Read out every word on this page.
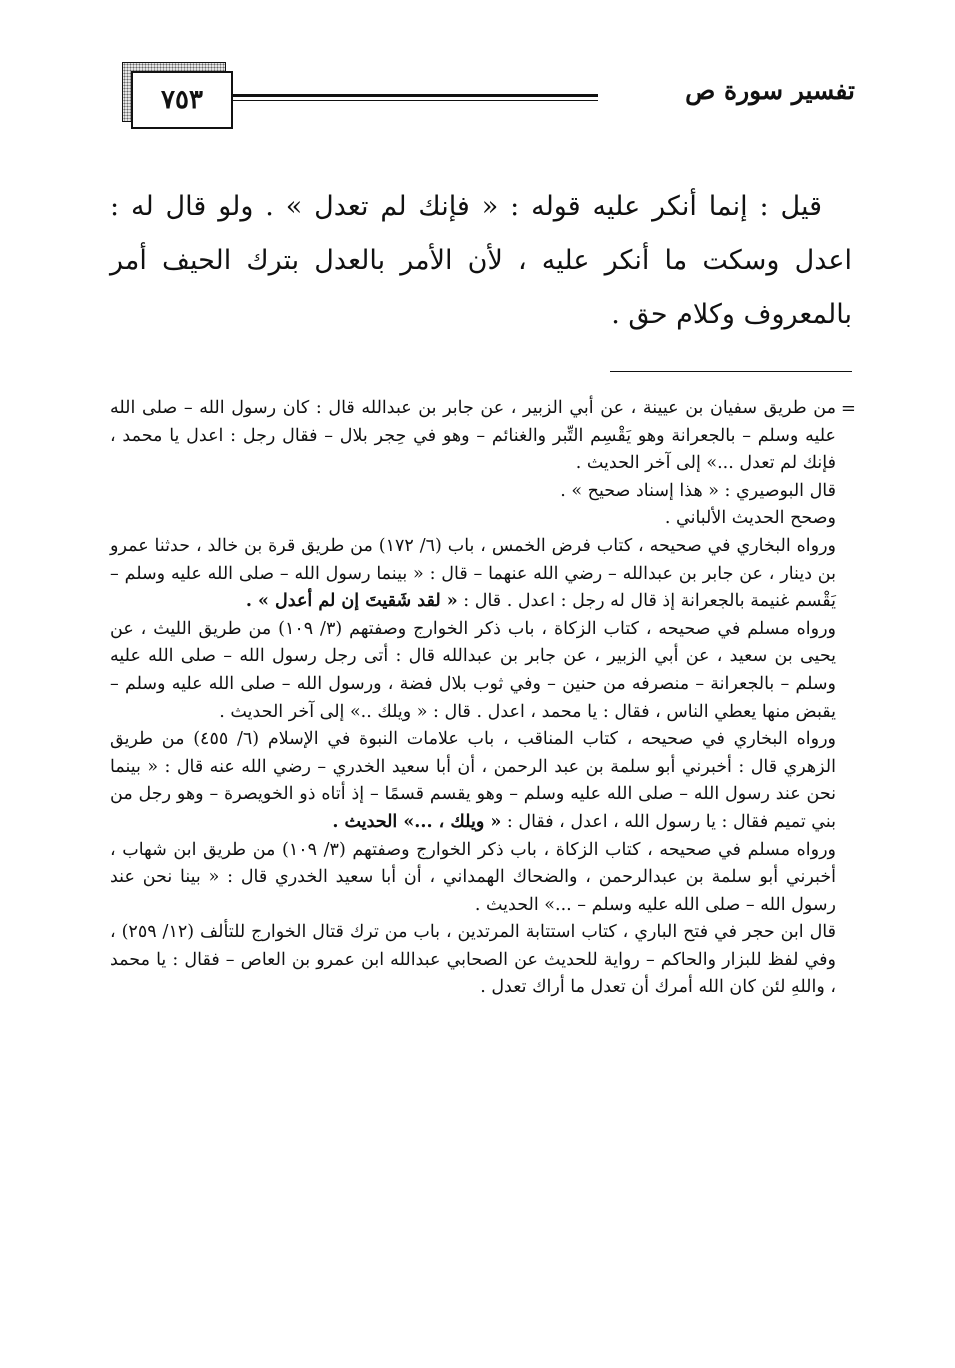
تفسير سورة ص
٧٥٣

قيل : إنما أنكر عليه قوله : « فإنك لم تعدل » . ولو قال له : اعدل وسكت ما أنكر عليه ، لأن الأمر بالعدل بترك الحيف أمر بالمعروف وكلام حق .

=

من طريق سفيان بن عيينة ، عن أبي الزبير ، عن جابر بن عبدالله قال : كان رسول الله – صلى الله عليه وسلم – بالجعرانة وهو يَقْسِم التِّبر والغنائم – وهو في حِجر بلال – فقال رجل : اعدل يا محمد ، فإنك لم تعدل ...» إلى آخر الحديث .

قال البوصيري : « هذا إسناد صحيح » .

وصحح الحديث الألباني .

ورواه البخاري في صحيحه ، كتاب فرض الخمس ، باب (٦/ ١٧٢) من طريق قرة بن خالد ، حدثنا عمرو بن دينار ، عن جابر بن عبدالله – رضي الله عنهما – قال : « بينما رسول الله – صلى الله عليه وسلم – يَقْسم غنيمة بالجعرانة إذ قال له رجل : اعدل . قال : « لقد شَقيتَ إن لم أعدل » .

ورواه مسلم في صحيحه ، كتاب الزكاة ، باب ذكر الخوارج وصفتهم (٣/ ١٠٩) من طريق الليث ، عن يحيى بن سعيد ، عن أبي الزبير ، عن جابر بن عبدالله قال : أتى رجل رسول الله – صلى الله عليه وسلم – بالجعرانة – منصرفه من حنين – وفي ثوب بلال فضة ، ورسول الله – صلى الله عليه وسلم – يقبض منها يعطي الناس ، فقال : يا محمد ، اعدل . قال : « ويلك ..» إلى آخر الحديث .

ورواه البخاري في صحيحه ، كتاب المناقب ، باب علامات النبوة في الإسلام (٦/ ٤٥٥) من طريق الزهري قال : أخبرني أبو سلمة بن عبد الرحمن ، أن أبا سعيد الخدري – رضي الله عنه قال : « بينما نحن عند رسول الله – صلى الله عليه وسلم – وهو يقسم قسمًا – إذ أتاه ذو الخويصرة – وهو رجل من بني تميم فقال : يا رسول الله ، اعدل ، فقال : « ويلك ، ...» الحديث .

ورواه مسلم في صحيحه ، كتاب الزكاة ، باب ذكر الخوارج وصفتهم (٣/ ١٠٩) من طريق ابن شهاب ، أخبرني أبو سلمة بن عبدالرحمن ، والضحاك الهمداني ، أن أبا سعيد الخدري قال : « بينا نحن عند رسول الله – صلى الله عليه وسلم – ...» الحديث .

قال ابن حجر في فتح الباري ، كتاب استتابة المرتدين ، باب من ترك قتال الخوارج للتألف (١٢/ ٢٥٩) ، وفي لفظ للبزار والحاكم – رواية للحديث عن الصحابي عبدالله ابن عمرو بن العاص – فقال : يا محمد ، واللهِ لئن كان الله أمرك أن تعدل ما أراك تعدل .
